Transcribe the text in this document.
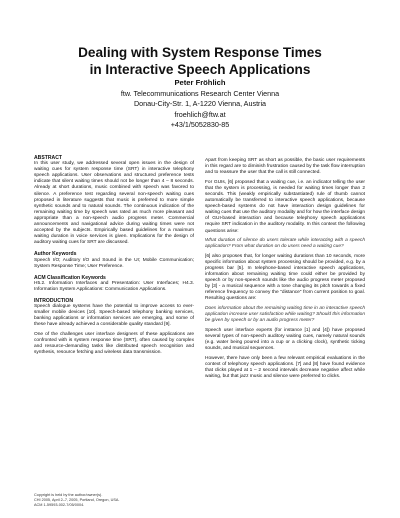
Dealing with System Response Times
in Interactive Speech Applications
Peter Fröhlich
ftw. Telecommunications Research Center Vienna
Donau-City-Str. 1, A-1220 Vienna, Austria
froehlich@ftw.at
+43/1/5052830-85
ABSTRACT

In this user study, we addressed several open issues in the design of waiting cues for system response time (SRT) in interactive telephony speech applications. User observations and structured preference tests indicate that silent waiting times should not be longer than 4 – 8 seconds. Already at short durations, music combined with speech was favored to silence. A preference test regarding several non-speech waiting cues proposed in literature suggests that music is preferred to more simple synthetic sounds and to natural sounds. The continuous indication of the remaining waiting time by speech was rated as much more pleasant and appropriate than a non-speech audio progress meter. Commercial announcements and navigational advice during waiting times were not accepted by the subjects. Empirically based guidelines for a maximum waiting duration in voice services is given. Implications for the design of auditory waiting cues for SRT are discussed.

Author Keywords

Speech I/O; Auditory I/O and Sound in the UI; Mobile Communication; System Response Time; User Preference.

ACM Classification Keywords

H5.2. Information Interfaces and Presentation: User Interfaces; H4.3. Information System Applications: Communication Applications.

INTRODUCTION

Speech dialogue systems have the potential to improve access to ever-smaller mobile devices [10]. Speech-based telephony banking services, banking applications or information services are emerging, and some of these have already achieved a considerable quality standard [9].

One of the challenges user interface designers of these applications are confronted with is system response time (SRT), often caused by complex and resource-demanding tasks like distributed speech recognition and synthesis, resource fetching and wireless data transmission.

Copyright is held by the author/owner(s).
CHI 2005, April 2–7, 2005, Portland, Oregon, USA.
ACM 1-59593-002-7/05/0004.

Apart from keeping SRT as short as possible, the basic user requirements in this regard are to diminish frustration caused by the task flow interruption and to reassure the user that the call is still connected.

For GUIs, [6] proposed that a waiting cue, i.e. an indicator telling the user that the system is processing, is needed for waiting times longer than 2 seconds. This (weakly empirically substantiated) rule of thumb cannot automatically be transferred to interactive speech applications, because speech-based systems do not have interaction design guidelines for waiting cues that use the auditory modality and for how the interface design of GUI-based interaction and because telephony speech applications require SRT indication in the auditory modality. In this context the following questions arise:

What duration of silence do users tolerate while interacting with a speech application? From what duration on do users need a waiting cue?

[6] also proposes that, for longer waiting durations than 10 seconds, more specific information about system processing should be provided, e.g. by a progress bar [5]. In telephone-based interactive speech applications, information about remaining waiting time could either be provided by speech or by non-speech sounds like the audio progress meter proposed by [3] - a musical sequence with a tone changing its pitch towards a fixed reference frequency to convey the "distance" from current position to goal. Resulting questions are:

Does information about the remaining waiting time in an interactive speech application increase user satisfaction while waiting? Should this information be given by speech or by an audio progress meter?

Speech user interface experts (for instance [1] and [4]) have proposed several types of non-speech auditory waiting cues, namely natural sounds (e.g. water being poured into a cup or a clicking clock), synthetic ticking sounds, and musical sequences.

However, there have only been a few relevant empirical evaluations in the context of telephony speech applications. [7] and [8] have found evidence that clicks played at 1 – 2 second intervals decrease negative affect while waiting, but that jazz music and silence were preferred to clicks.
